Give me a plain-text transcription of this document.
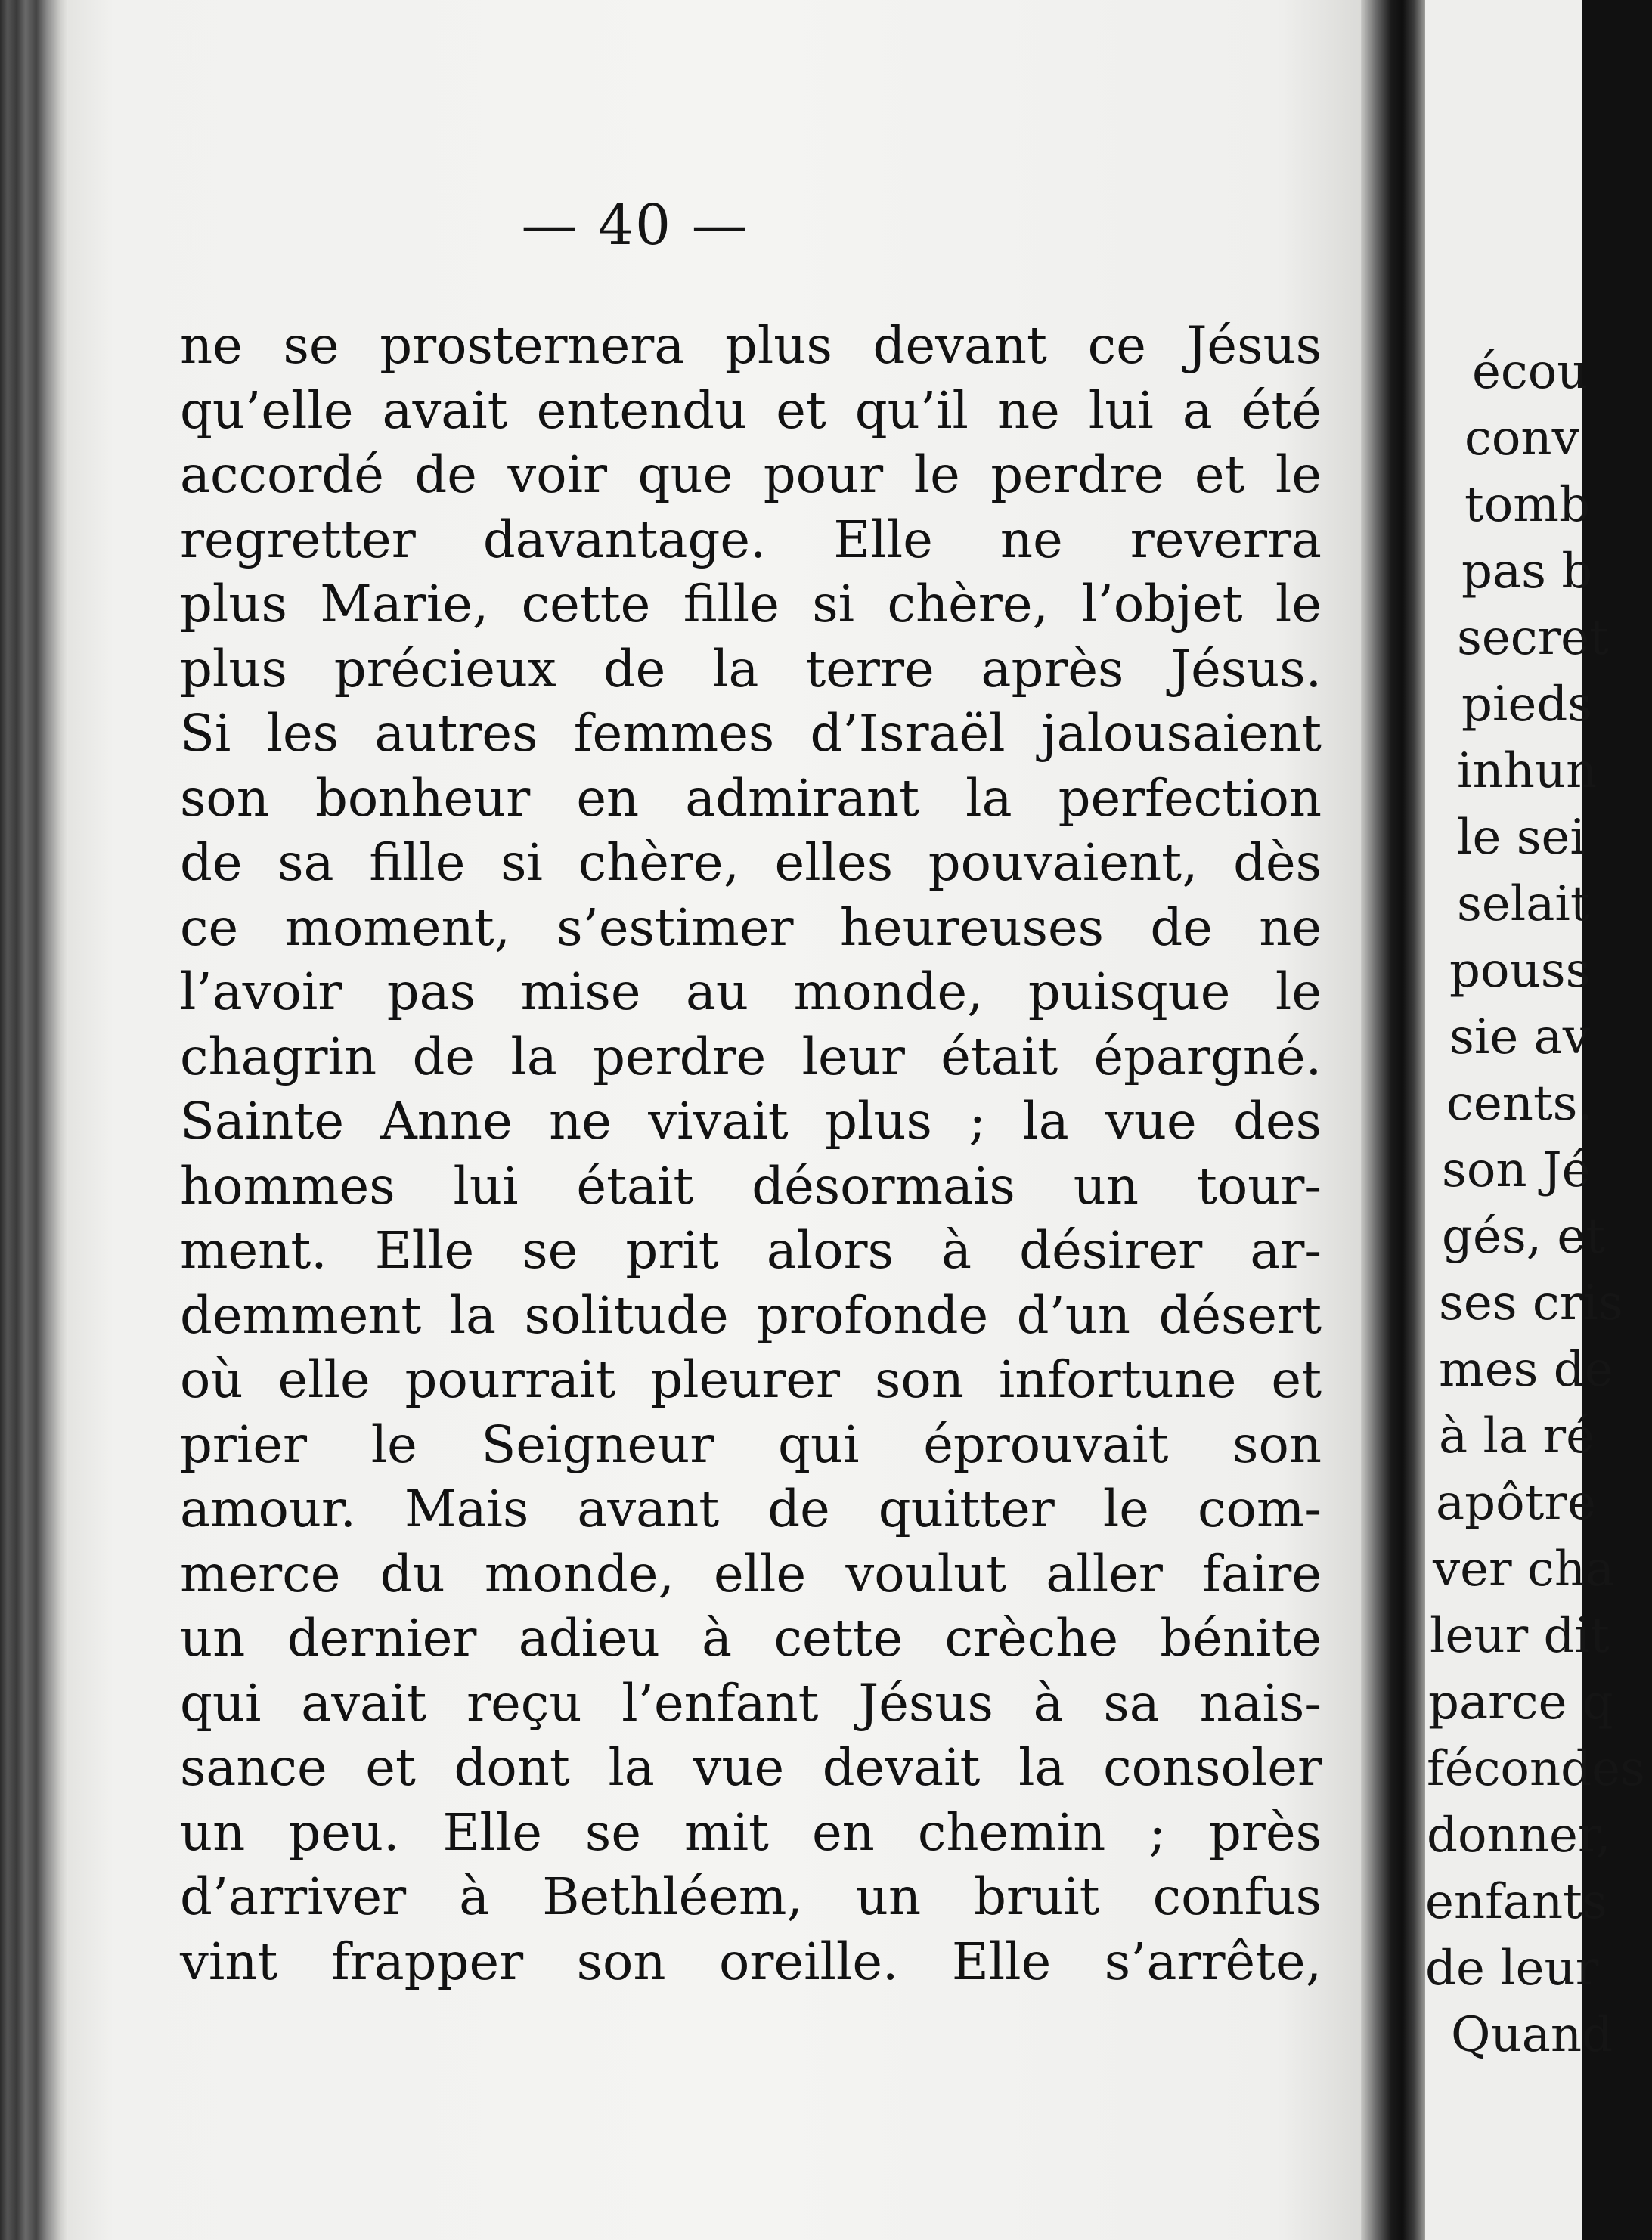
— 40 —
ne se prosternera plus devant ce Jésus
qu’elle avait entendu et qu’il ne lui a été
accordé de voir que pour le perdre et le
regretter davantage. Elle ne reverra
plus Marie, cette fille si chère, l’objet le
plus précieux de la terre après Jésus.
Si les autres femmes d’Israël jalousaient
son bonheur en admirant la perfection
de sa fille si chère, elles pouvaient, dès
ce moment, s’estimer heureuses de ne
l’avoir pas mise au monde, puisque le
chagrin de la perdre leur était épargné.
Sainte Anne ne vivait plus ; la vue des
hommes lui était désormais un tour-
ment. Elle se prit alors à désirer ar-
demment la solitude profonde d’un désert
où elle pourrait pleurer son infortune et
prier le Seigneur qui éprouvait son
amour. Mais avant de quitter le com-
merce du monde, elle voulut aller faire
un dernier adieu à cette crèche bénite
qui avait reçu l’enfant Jésus à sa nais-
sance et dont la vue devait la consoler
un peu. Elle se mit en chemin ; près
d’arriver à Bethléem, un bruit confus
vint frapper son oreille. Elle s’arrête,
écou
conv
tomb
pas b
secret
pieds
inhun
le sei
selait
pouss
sie av
cents.
son Jé
gés, et
ses cris
mes de
à la ré
apôtre
ver cha
leur dit
parce q
fécondes
donner,
enfants
de leur
Quand
